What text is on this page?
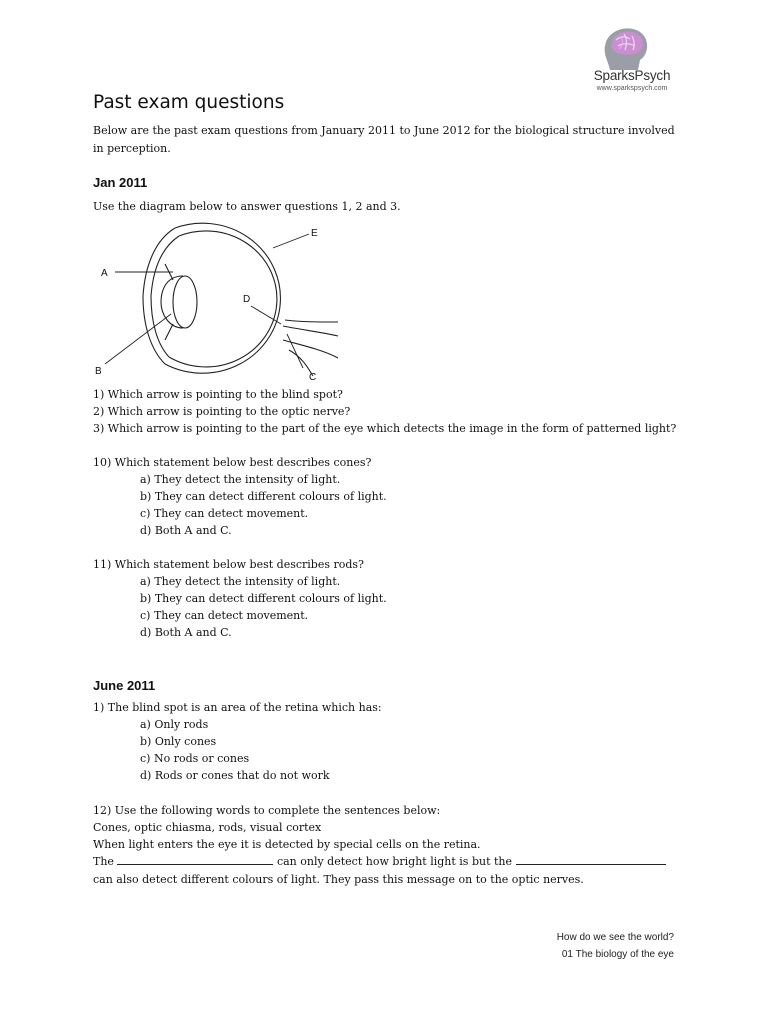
SparksPsych
www.sparkspsych.com
Past exam questions

Below are the past exam questions from January 2011 to June 2012 for the biological structure involved in perception.

Jan 2011
Use the diagram below to answer questions 1, 2 and 3.
A
B
C
D
E
1) Which arrow is pointing to the blind spot?
2) Which arrow is pointing to the optic nerve?
3) Which arrow is pointing to the part of the eye which detects the image in the form of patterned light?
10) Which statement below best describes cones?
a) They detect the intensity of light.
b) They can detect different colours of light.
c) They can detect movement.
d) Both A and C.
11) Which statement below best describes rods?
a) They detect the intensity of light.
b) They can detect different colours of light.
c) They can detect movement.
d) Both A and C.
June 2011
1) The blind spot is an area of the retina which has:
a) Only rods
b) Only cones
c) No rods or cones
d) Rods or cones that do not work
12) Use the following words to complete the sentences below:
Cones, optic chiasma, rods, visual cortex
When light enters the eye it is detected by special cells on the retina.
The	can only detect how bright light is but the
can also detect different colours of light. They pass this message on to the optic nerves.
How do we see the world?
01 The biology of the eye
